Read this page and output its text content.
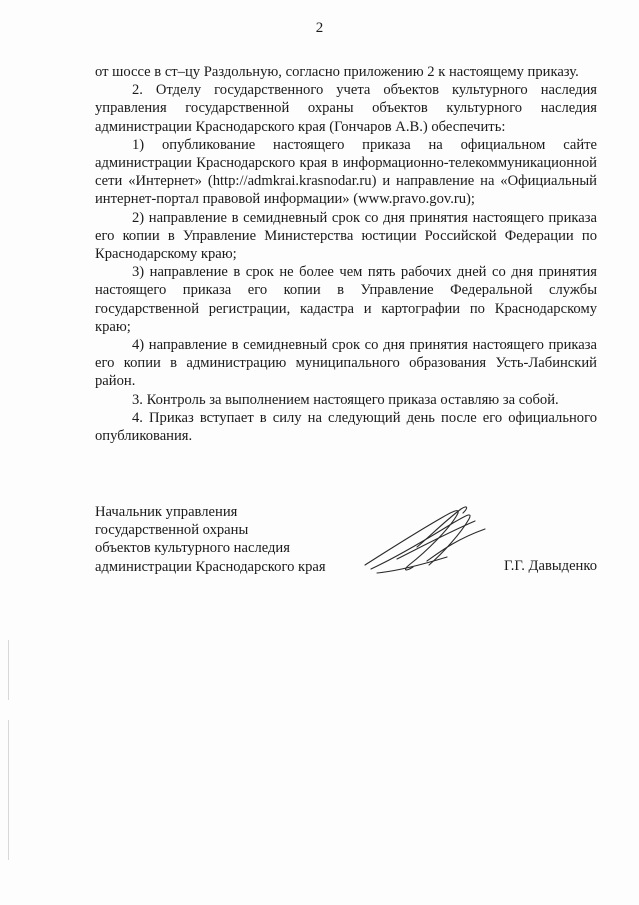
2

от шоссе в ст–цу Раздольную, согласно приложению 2 к настоящему приказу.

2. Отделу государственного учета объектов культурного наследия управления государственной охраны объектов культурного наследия администрации Краснодарского края (Гончаров А.В.) обеспечить:

1) опубликование настоящего приказа на официальном сайте администрации Краснодарского края в информационно-телекоммуникационной сети «Интернет» (http://admkrai.krasnodar.ru) и направление на «Официальный интернет-портал правовой информации» (www.pravo.gov.ru);

2) направление в семидневный срок со дня принятия настоящего приказа его копии в Управление Министерства юстиции Российской Федерации по Краснодарскому краю;

3) направление в срок не более чем пять рабочих дней со дня принятия настоящего приказа его копии в Управление Федеральной службы государственной регистрации, кадастра и картографии по Краснодарскому краю;

4) направление в семидневный срок со дня принятия настоящего приказа его копии в администрацию муниципального образования Усть-Лабинский район.

3. Контроль за выполнением настоящего приказа оставляю за собой.

4. Приказ вступает в силу на следующий день после его официального опубликования.

Начальник управления
государственной охраны
объектов культурного наследия
администрации Краснодарского края	Г.Г. Давыденко
